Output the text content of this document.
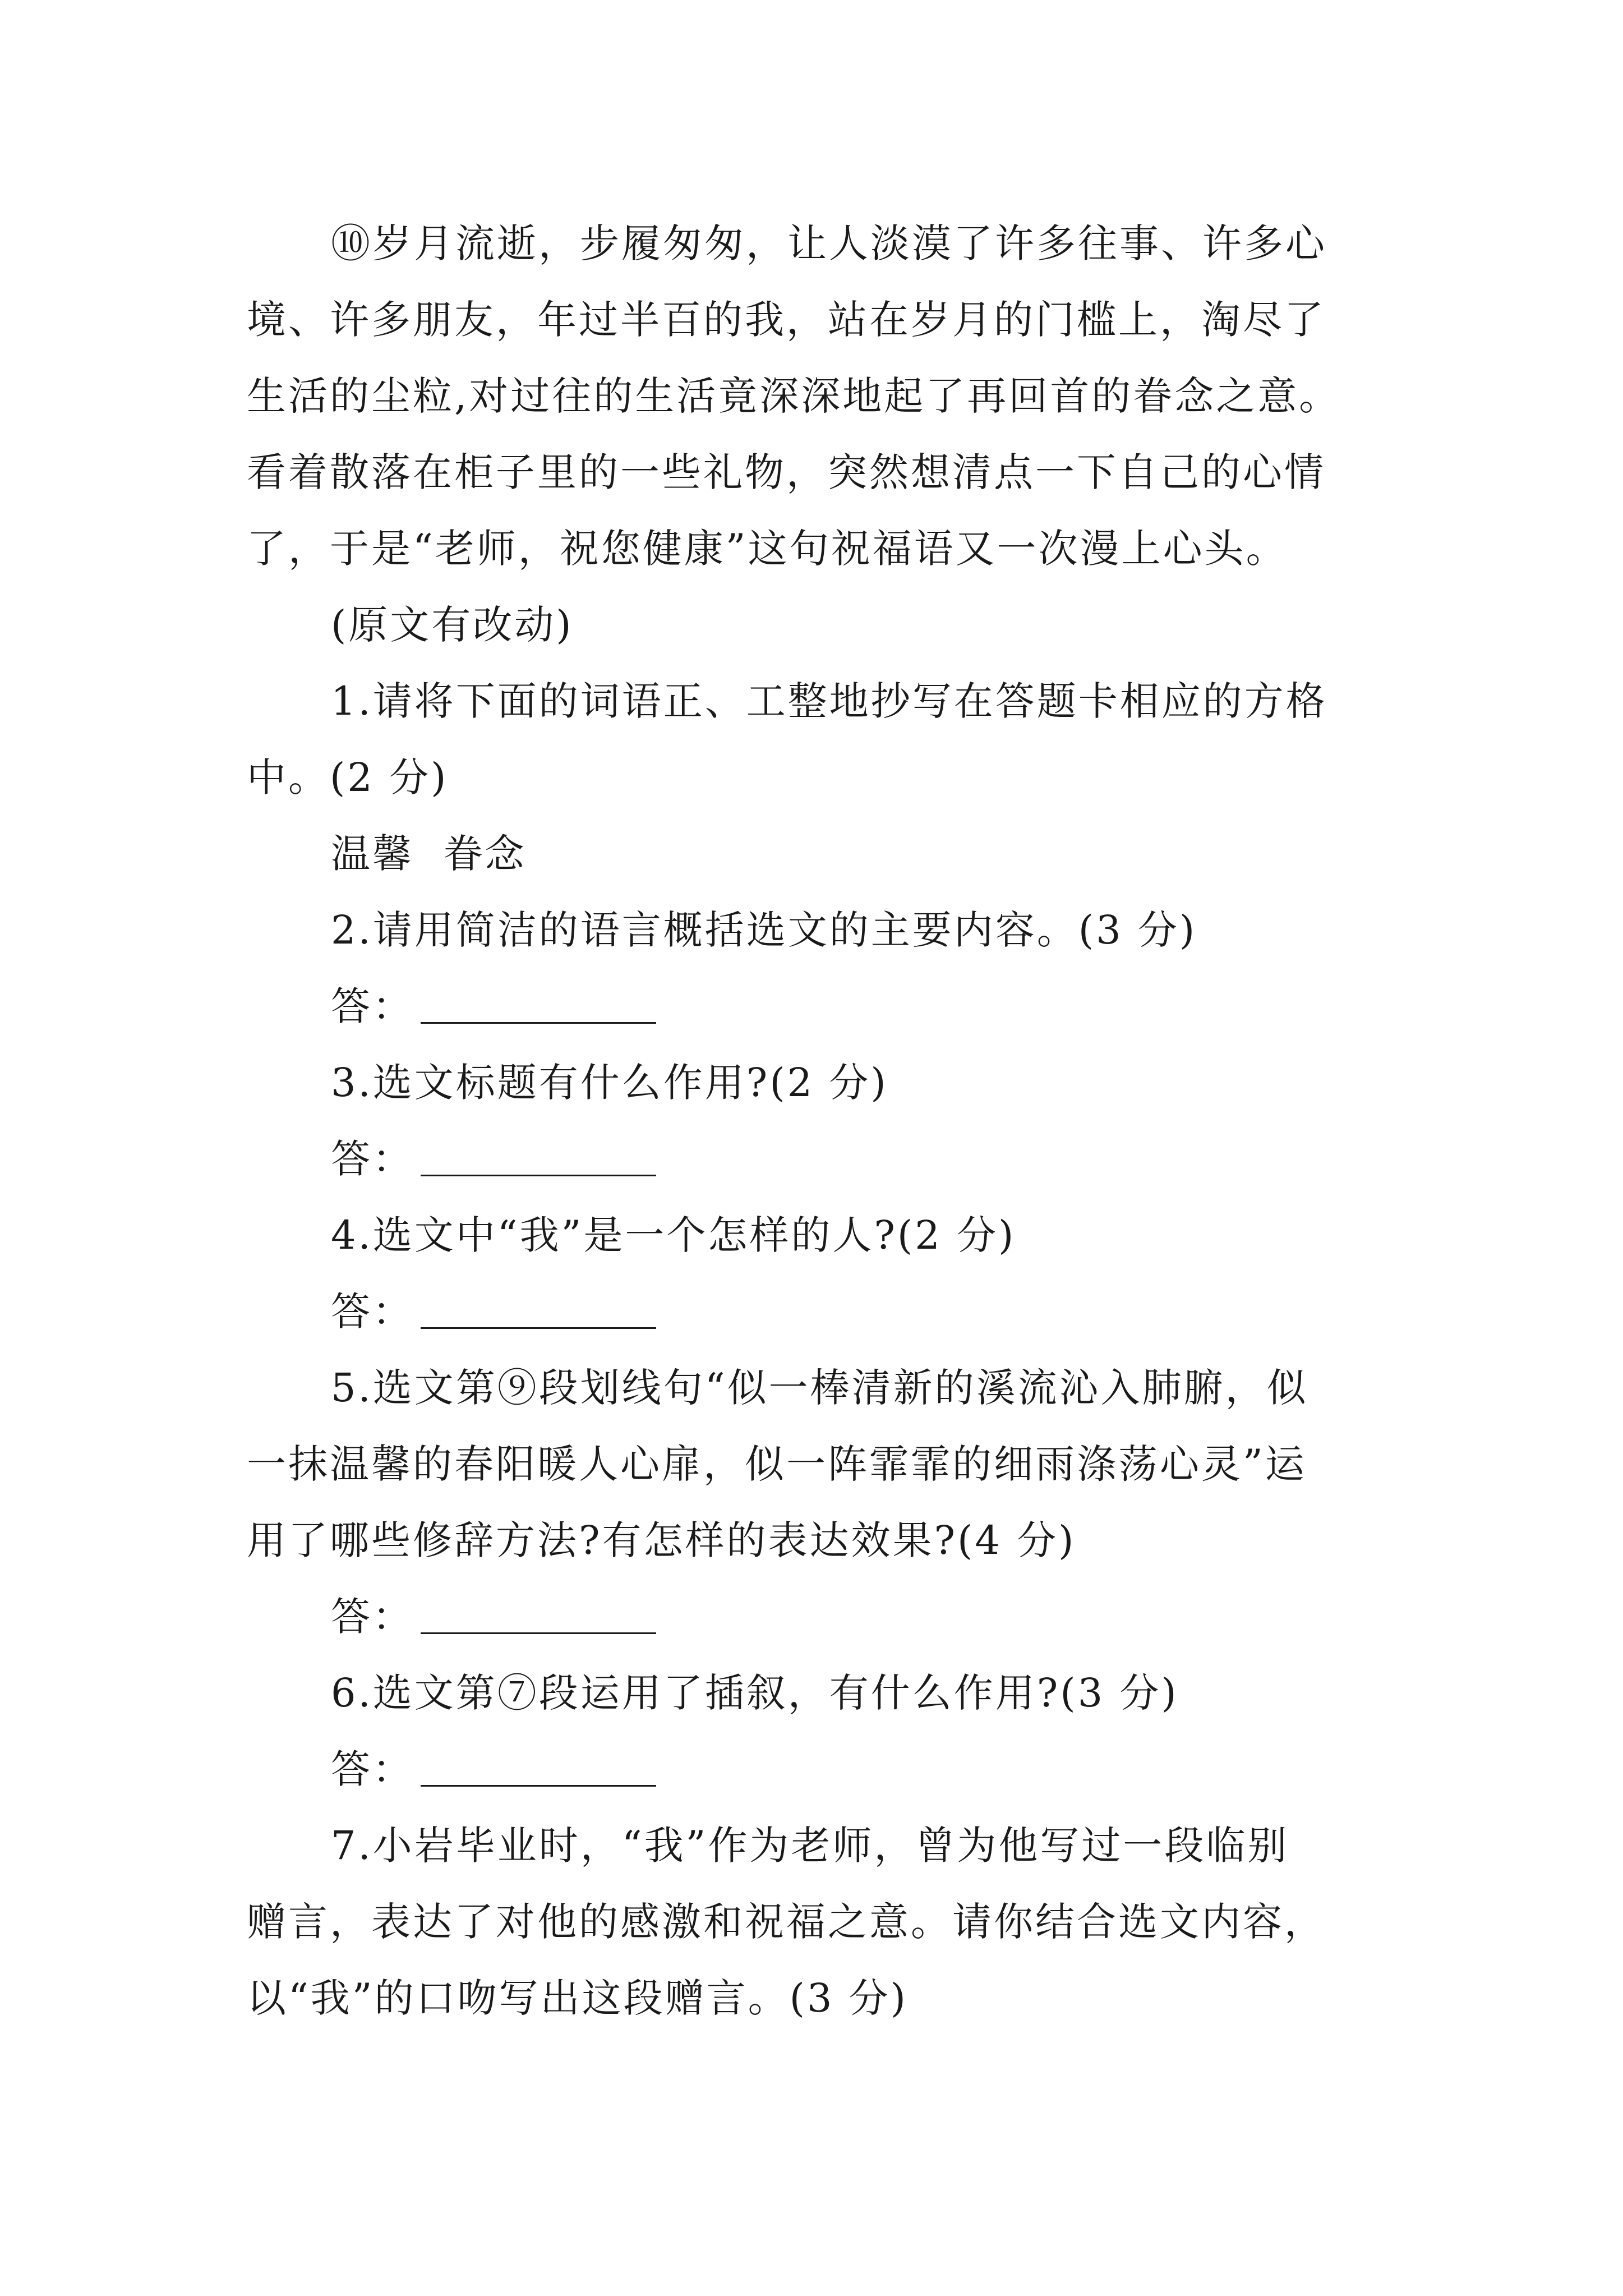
⑩岁月流逝，步履匆匆，让人淡漠了许多往事、许多心
境、许多朋友，年过半百的我，站在岁月的门槛上，淘尽了
生活的尘粒,对过往的生活竟深深地起了再回首的眷念之意。
看着散落在柜子里的一些礼物，突然想清点一下自己的心情
了，于是“老师，祝您健康”这句祝福语又一次漫上心头。
(原文有改动)
1.请将下面的词语正、工整地抄写在答题卡相应的方格
中。(2 分)
温馨  眷念
2.请用简洁的语言概括选文的主要内容。(3 分)
答：
3.选文标题有什么作用?(2 分)
答：
4.选文中“我”是一个怎样的人?(2 分)
答：
5.选文第⑨段划线句“似一棒清新的溪流沁入肺腑，似
一抹温馨的春阳暖人心扉，似一阵霏霏的细雨涤荡心灵”运
用了哪些修辞方法?有怎样的表达效果?(4 分)
答：
6.选文第⑦段运用了插叙，有什么作用?(3 分)
答：
7.小岩毕业时，“我”作为老师，曾为他写过一段临别
赠言，表达了对他的感激和祝福之意。请你结合选文内容，
以“我”的口吻写出这段赠言。(3 分)
